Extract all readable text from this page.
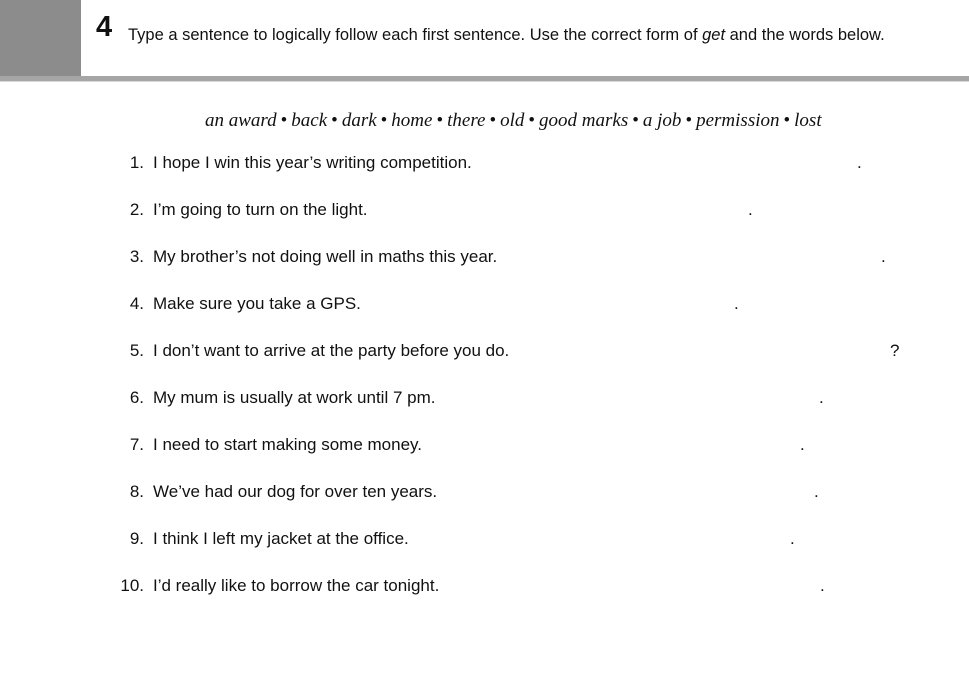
4 Type a sentence to logically follow each first sentence. Use the correct form of get and the words below.
an award • back • dark • home • there • old • good marks • a job • permission • lost
1. I hope I win this year’s writing competition.	.
2. I’m going to turn on the light.	.
3. My brother’s not doing well in maths this year.	.
4. Make sure you take a GPS.	.
5. I don’t want to arrive at the party before you do.	?
6. My mum is usually at work until 7 pm.	.
7. I need to start making some money.	.
8. We’ve had our dog for over ten years.	.
9. I think I left my jacket at the office.	.
10. I’d really like to borrow the car tonight.	.
